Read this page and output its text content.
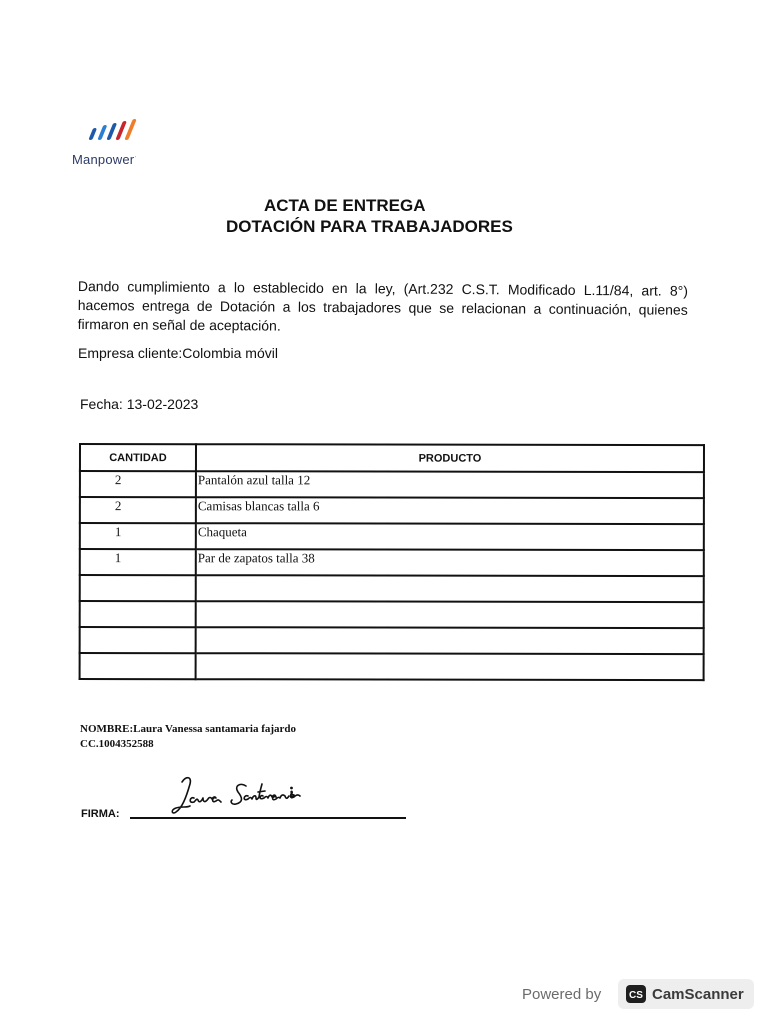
Manpower·
ACTA DE ENTREGA
DOTACIÓN PARA TRABAJADORES
Dando cumplimiento a lo establecido en la ley, (Art.232 C.S.T. Modificado L.11/84, art. 8°) hacemos entrega de Dotación a los trabajadores que se relacionan a continuación, quienes firmaron en señal de aceptación.
Empresa cliente:Colombia móvil
Fecha: 13-02-2023
CANTIDAD	PRODUCTO
2	Pantalón azul talla 12
2	Camisas blancas talla 6
1	Chaqueta
1	Par de zapatos talla 38

NOMBRE:Laura Vanessa santamaria fajardo
CC.1004352588
FIRMA:
Powered by	CS CamScanner
